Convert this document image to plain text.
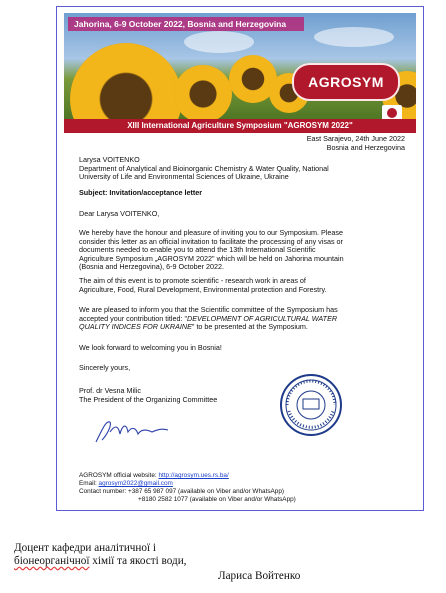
Jahorina, 6-9 October 2022, Bosnia and Herzegovina
AGROSYM
XIII International Agriculture Symposium "AGROSYM 2022"
East Sarajevo, 24th June 2022
Bosnia and Herzegovina
Larysa VOITENKO
Department of Analytical and Bioinorganic Chemistry & Water Quality, National
University of Life and Environmental Sciences of Ukraine, Ukraine
Subject: Invitation/acceptance letter
Dear Larysa VOITENKO,
We hereby have the honour and pleasure of inviting you to our Symposium. Please
consider this letter as an official invitation to facilitate the processing of any visas or
documents needed to enable you to attend the 13th International Scientific
Agriculture Symposium „AGROSYM 2022" which will be held on Jahorina mountain
(Bosnia and Herzegovina), 6-9 October 2022.
The aim of this event is to promote scientific - research work in areas of
Agriculture, Food, Rural Development, Environmental protection and Forestry.
We are pleased to inform you that the Scientific committee of the Symposium has
accepted your contribution titled: "DEVELOPMENT OF AGRICULTURAL WATER
QUALITY INDICES FOR UKRAINE" to be presented at the Symposium.
We look forward to welcoming you in Bosnia!
Sincerely yours,
Prof. dr Vesna Milic
The President of the Organizing Committee
AGROSYM official website: http://agrosym.ues.rs.ba/
Email: agrosym2022@gmail.com
Contact number: +387 65 987 097 (available on Viber and/or WhatsApp)
+8180 2582 1077 (available on Viber and/or WhatsApp)
Доцент кафедри аналітичної і
біонеорганічної хімії та якості води,
Лариса Войтенко
